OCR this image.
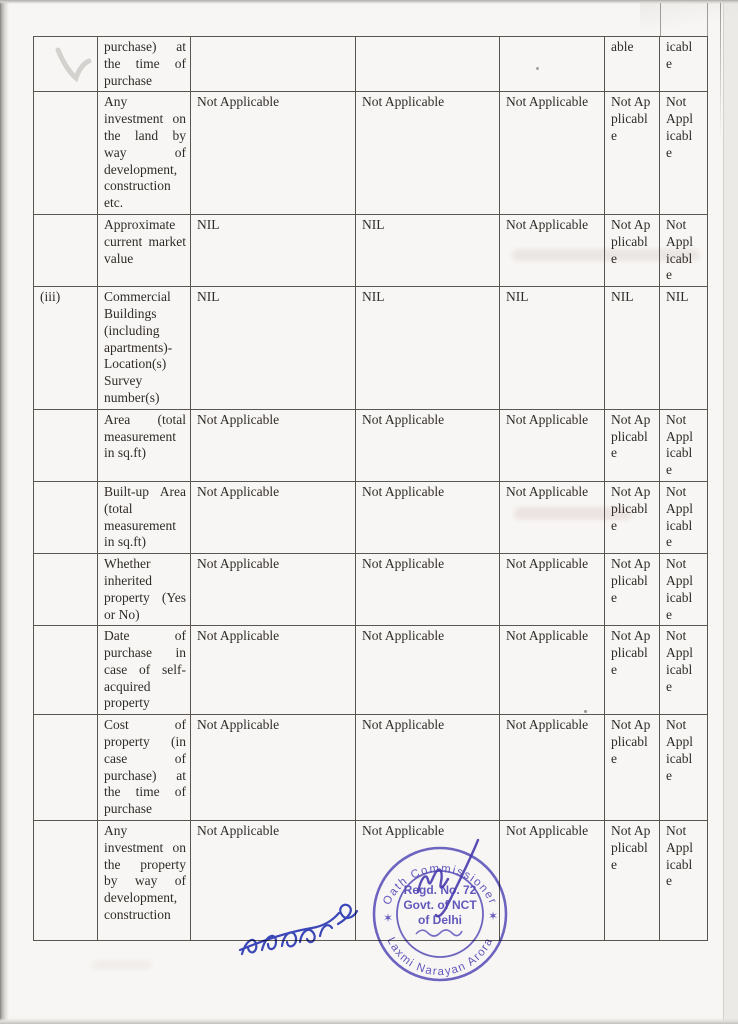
	purchase) at the time of purchase				able	icabl e

	Any investment on the land by way of development, construction etc.	Not Applicable	Not Applicable	Not Applicable	Not Applicable	Not Applicable

	Approximate current market value	NIL	NIL	Not Applicable	Not Applicable	Not Applicable

(iii)	Commercial Buildings (including apartments)- Location(s) Survey number(s)	NIL	NIL	NIL	NIL	NIL

	Area (total measurement in sq.ft)	Not Applicable	Not Applicable	Not Applicable	Not Applicable	Not Applicable

	Built-up Area (total measurement in sq.ft)	Not Applicable	Not Applicable	Not Applicable	Not Applicable	Not Applicable

	Whether inherited property (Yes or No)	Not Applicable	Not Applicable	Not Applicable	Not Applicable	Not Applicable

	Date of purchase in case of self-acquired property	Not Applicable	Not Applicable	Not Applicable	Not Applicable	Not Applicable

	Cost of property (in case of purchase) at the time of purchase	Not Applicable	Not Applicable	Not Applicable	Not Applicable	Not Applicable

	Any investment on the property by way of development, construction	Not Applicable	Not Applicable	Not Applicable	Not Applicable	Not Applicable
Oath Commissioner
Laxmi Narayan Arora
✶	✶
Regd. No. 72
Govt. of NCT
of Delhi
